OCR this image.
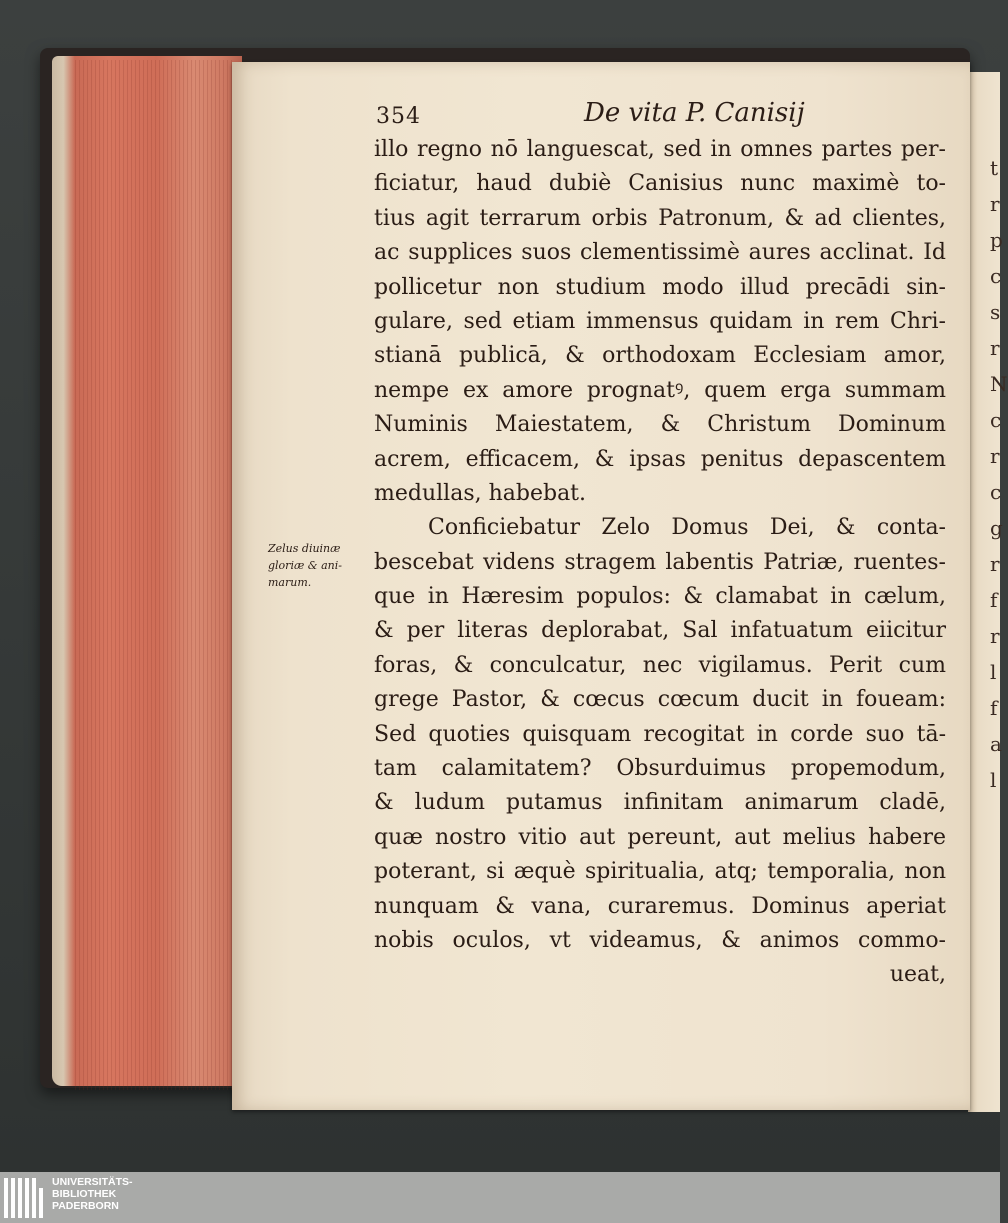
t
r
p
c
s
r
N
c
r
c
g
r
f
r
l
f
a
l
354	De vita P. Canisij
Zelus diuinæ
gloriæ & ani-
marum.
illo regno nō languescat, sed in omnes partes per-
ficiatur, haud dubiè Canisius nunc maximè to-
tius agit terrarum orbis Patronum, & ad clientes,
ac supplices suos clementissimè aures acclinat. Id
pollicetur non studium modo illud precādi sin-
gulare, sed etiam immensus quidam in rem Chri-
stianā publicā, & orthodoxam Ecclesiam amor,
nempe ex amore prognatꝰ, quem erga summam
Numinis Maiestatem, & Christum Dominum
acrem, efficacem, & ipsas penitus depascentem
medullas, habebat.
Conficiebatur Zelo Domus Dei, & conta-
bescebat videns stragem labentis Patriæ, ruentes-
que in Hæresim populos: & clamabat in cælum,
& per literas deplorabat, Sal infatuatum eiicitur
foras, & conculcatur, nec vigilamus. Perit cum
grege Pastor, & cœcus cœcum ducit in foueam:
Sed quoties quisquam recogitat in corde suo tā-
tam calamitatem? Obsurduimus propemodum,
& ludum putamus infinitam animarum cladē,
quæ nostro vitio aut pereunt, aut melius habere
poterant, si æquè spiritualia, atq; temporalia, non
nunquam & vana, curaremus. Dominus aperiat
nobis oculos, vt videamus, & animos commo-
ueat,
UNIVERSITÄTS-
BIBLIOTHEK
PADERBORN
